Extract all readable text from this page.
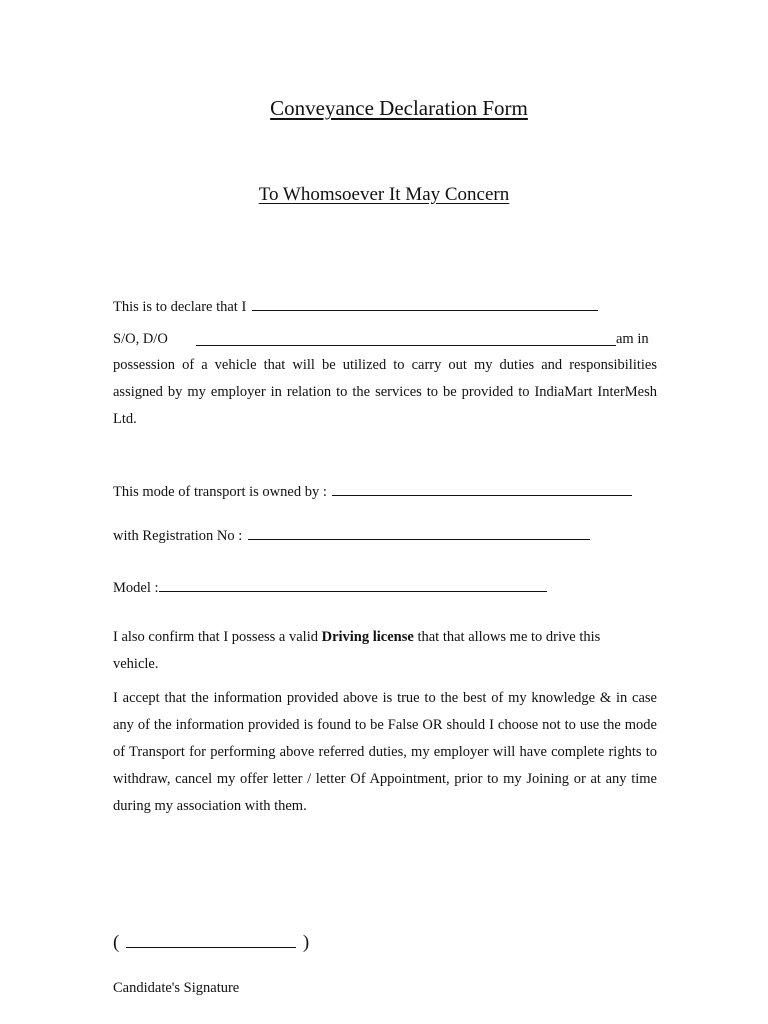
Conveyance Declaration Form
To Whomsoever It May Concern
This is to declare that I
S/O, D/O	am in
possession of a vehicle that will be utilized to carry out my duties and responsibilities assigned by my employer in relation to the services to be provided to IndiaMart InterMesh Ltd.
This mode of transport is owned by :
with Registration No :
Model :
I also confirm that I possess a valid Driving license that that allows me to drive this vehicle.
I accept that the information provided above is true to the best of my knowledge & in case any of the information provided is found to be False OR should I choose not to use the mode of Transport for performing above referred duties, my employer will have complete rights to withdraw, cancel my offer letter / letter Of Appointment, prior to my Joining or at any time during my association with them.
(	)
Candidate's Signature
